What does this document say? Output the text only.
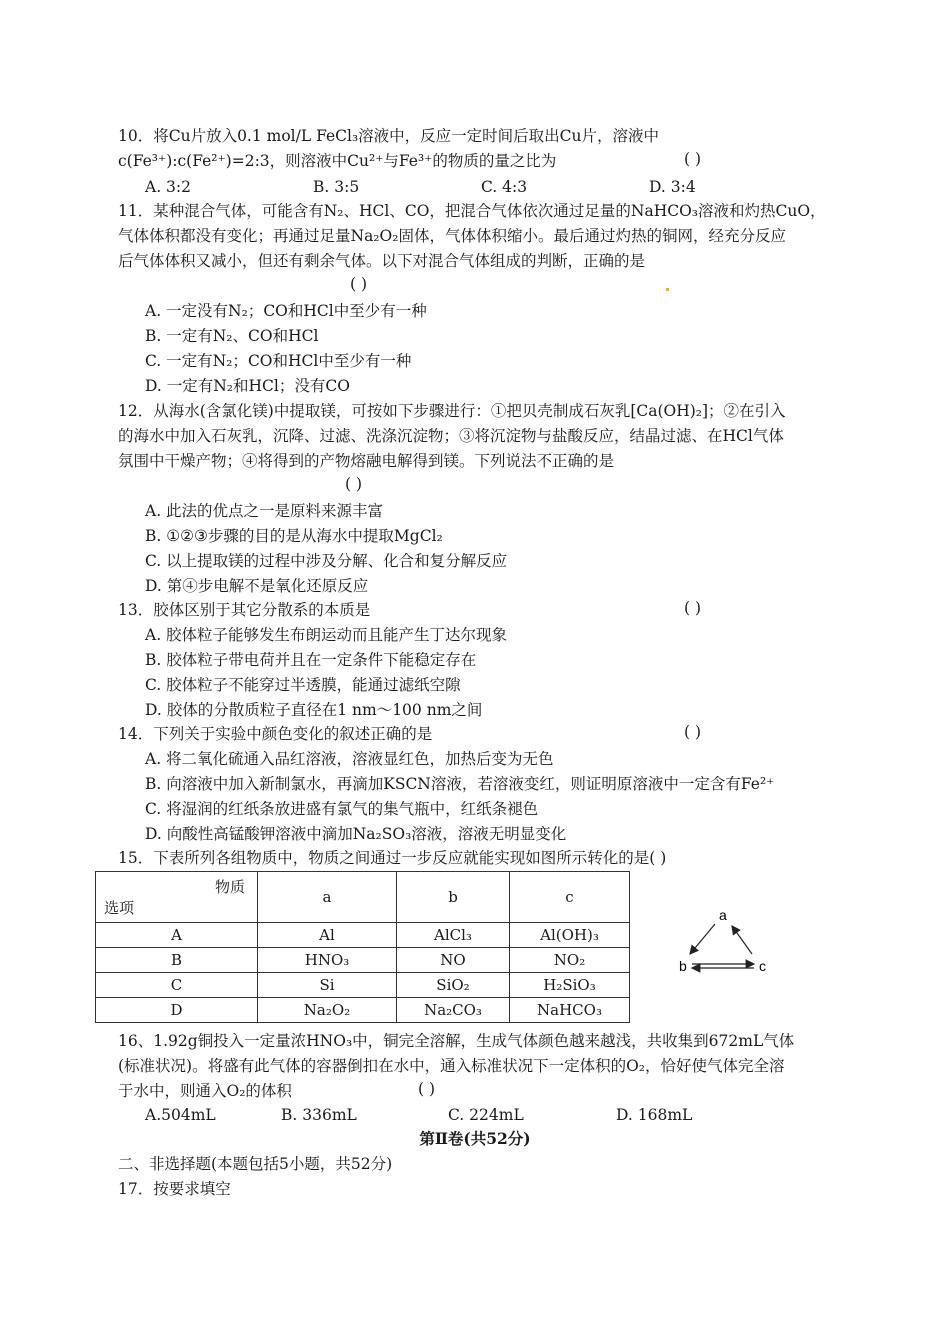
10．将Cu片放入0.1 mol/L FeCl₃溶液中，反应一定时间后取出Cu片，溶液中
c(Fe³⁺):c(Fe²⁺)=2:3，则溶液中Cu²⁺与Fe³⁺的物质的量之比为	( )
A. 3:2	B. 3:5	C. 4:3	D. 3:4
11．某种混合气体，可能含有N₂、HCl、CO，把混合气体依次通过足量的NaHCO₃溶液和灼热CuO，
气体体积都没有变化；再通过足量Na₂O₂固体，气体体积缩小。最后通过灼热的铜网，经充分反应
后气体体积又减小，但还有剩余气体。以下对混合气体组成的判断，正确的是
( )
A. 一定没有N₂；CO和HCl中至少有一种
B. 一定有N₂、CO和HCl
C. 一定有N₂；CO和HCl中至少有一种
D. 一定有N₂和HCl；没有CO
12．从海水(含氯化镁)中提取镁，可按如下步骤进行：①把贝壳制成石灰乳[Ca(OH)₂]；②在引入
的海水中加入石灰乳，沉降、过滤、洗涤沉淀物；③将沉淀物与盐酸反应，结晶过滤、在HCl气体
氛围中干燥产物；④将得到的产物熔融电解得到镁。下列说法不正确的是
( )
A. 此法的优点之一是原料来源丰富
B. ①②③步骤的目的是从海水中提取MgCl₂
C. 以上提取镁的过程中涉及分解、化合和复分解反应
D. 第④步电解不是氧化还原反应
13．胶体区别于其它分散系的本质是	( )
A. 胶体粒子能够发生布朗运动而且能产生丁达尔现象
B. 胶体粒子带电荷并且在一定条件下能稳定存在
C. 胶体粒子不能穿过半透膜，能通过滤纸空隙
D. 胶体的分散质粒子直径在1 nm～100 nm之间
14．下列关于实验中颜色变化的叙述正确的是	( )
A. 将二氧化硫通入品红溶液，溶液显红色，加热后变为无色
B. 向溶液中加入新制氯水，再滴加KSCN溶液，若溶液变红，则证明原溶液中一定含有Fe²⁺
C. 将湿润的红纸条放进盛有氯气的集气瓶中，红纸条褪色
D. 向酸性高锰酸钾溶液中滴加Na₂SO₃溶液，溶液无明显变化
15．下表所列各组物质中，物质之间通过一步反应就能实现如图所示转化的是( )
物质
选项	a	b	c
A	Al	AlCl₃	Al(OH)₃
B	HNO₃	NO	NO₂
C	Si	SiO₂	H₂SiO₃
D	Na₂O₂	Na₂CO₃	NaHCO₃
a
b	c
16、1.92g铜投入一定量浓HNO₃中，铜完全溶解，生成气体颜色越来越浅，共收集到672mL气体
(标准状况)。将盛有此气体的容器倒扣在水中，通入标准状况下一定体积的O₂，恰好使气体完全溶
于水中，则通入O₂的体积	( )
A.504mL	B. 336mL	C. 224mL	D. 168mL
第Ⅱ卷(共52分)
二、非选择题(本题包括5小题，共52分)
17．按要求填空
